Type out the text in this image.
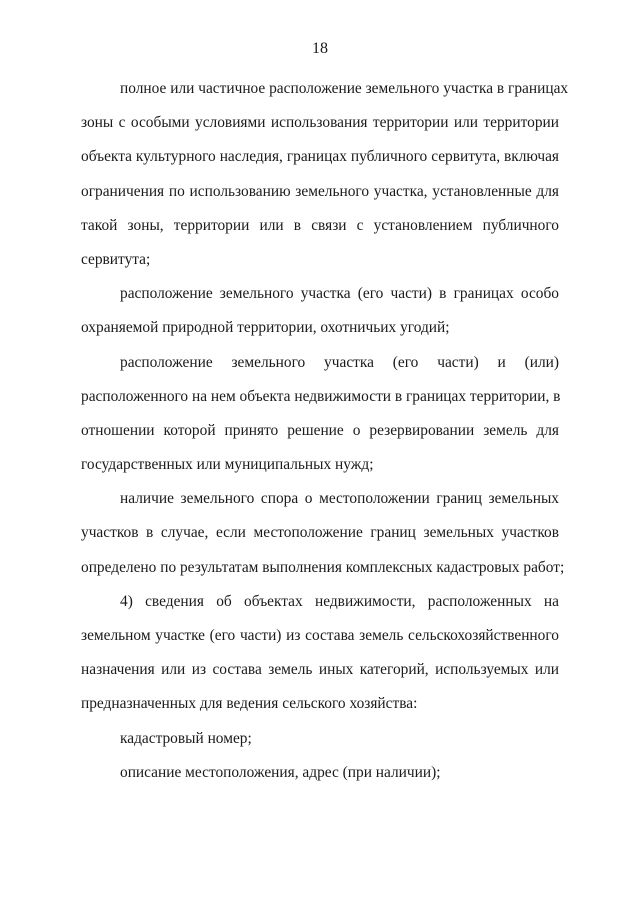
18
полное или частичное расположение земельного участка в границах
зоны с особыми условиями использования территории или территории
объекта культурного наследия, границах публичного сервитута, включая
ограничения по использованию земельного участка, установленные для
такой зоны, территории или в связи с установлением публичного
сервитута;
расположение земельного участка (его части) в границах особо
охраняемой природной территории, охотничьих угодий;
расположение земельного участка (его части) и (или)
расположенного на нем объекта недвижимости в границах территории, в
отношении которой принято решение о резервировании земель для
государственных или муниципальных нужд;
наличие земельного спора о местоположении границ земельных
участков в случае, если местоположение границ земельных участков
определено по результатам выполнения комплексных кадастровых работ;
4) сведения об объектах недвижимости, расположенных на
земельном участке (его части) из состава земель сельскохозяйственного
назначения или из состава земель иных категорий, используемых или
предназначенных для ведения сельского хозяйства:
кадастровый номер;
описание местоположения, адрес (при наличии);
